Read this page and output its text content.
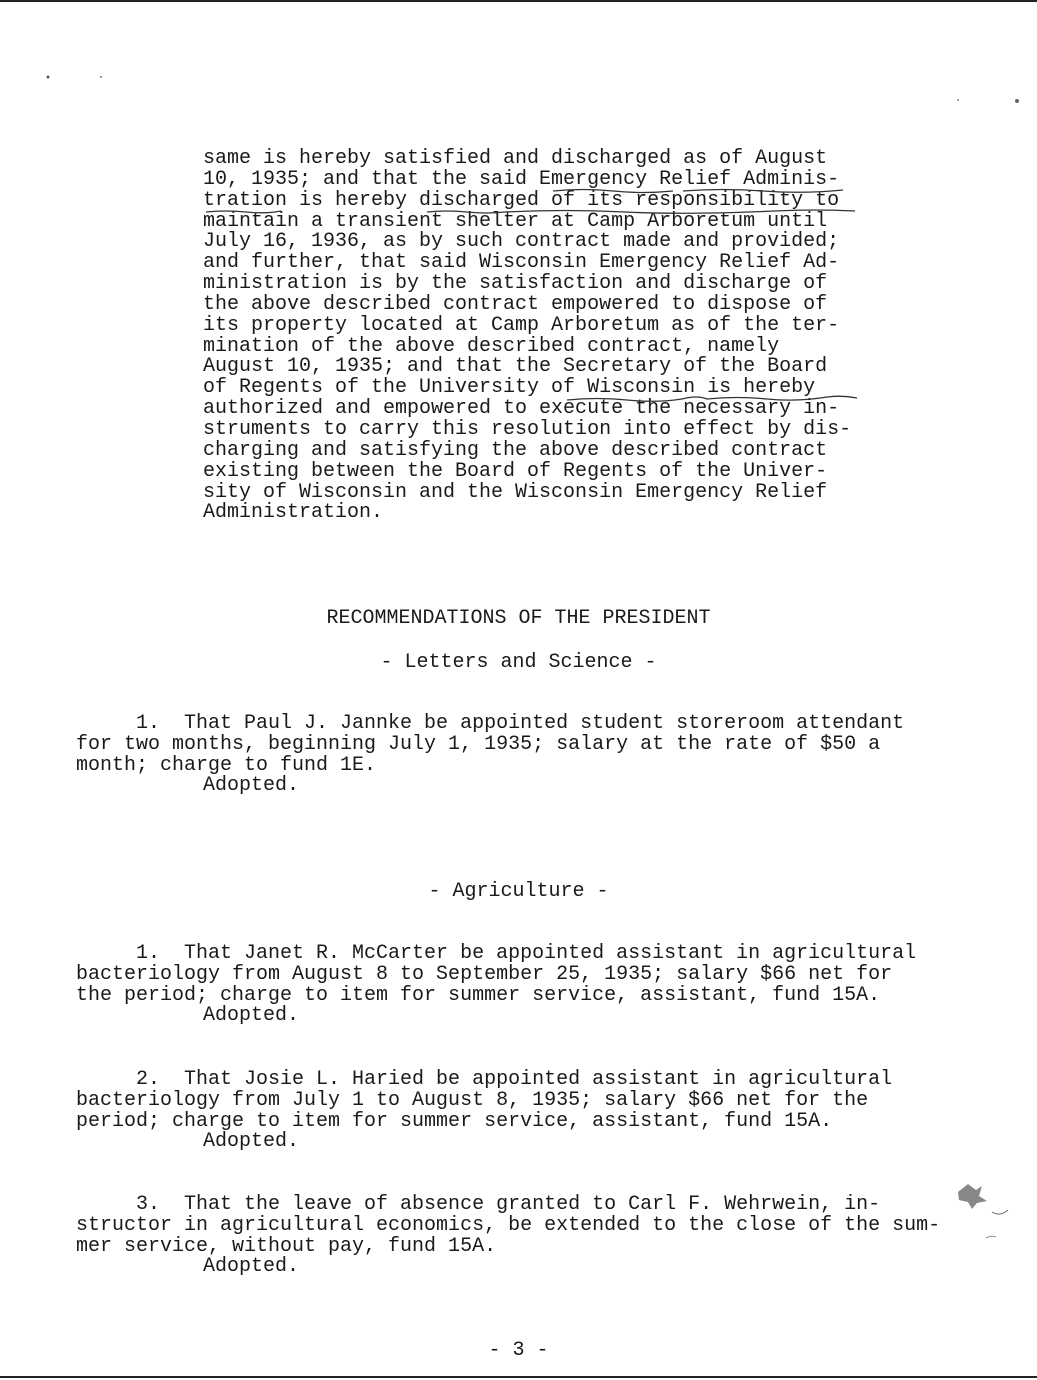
same is hereby satisfied and discharged as of August
10, 1935; and that the said Emergency Relief Adminis-
tration is hereby discharged of its responsibility to
maintain a transient shelter at Camp Arboretum until
July 16, 1936, as by such contract made and provided;
and further, that said Wisconsin Emergency Relief Ad-
ministration is by the satisfaction and discharge of
the above described contract empowered to dispose of
its property located at Camp Arboretum as of the ter-
mination of the above described contract, namely
August 10, 1935; and that the Secretary of the Board
of Regents of the University of Wisconsin is hereby
authorized and empowered to execute the necessary in-
struments to carry this resolution into effect by dis-
charging and satisfying the above described contract
existing between the Board of Regents of the Univer-
sity of Wisconsin and the Wisconsin Emergency Relief
Administration.
RECOMMENDATIONS OF THE PRESIDENT
- Letters and Science -
1.  That Paul J. Jannke be appointed student storeroom attendant
for two months, beginning July 1, 1935; salary at the rate of $50 a
month; charge to fund 1E.
Adopted.
- Agriculture -
1.  That Janet R. McCarter be appointed assistant in agricultural
bacteriology from August 8 to September 25, 1935; salary $66 net for
the period; charge to item for summer service, assistant, fund 15A.
Adopted.
2.  That Josie L. Haried be appointed assistant in agricultural
bacteriology from July 1 to August 8, 1935; salary $66 net for the
period; charge to item for summer service, assistant, fund 15A.
Adopted.
3.  That the leave of absence granted to Carl F. Wehrwein, in-
structor in agricultural economics, be extended to the close of the sum-
mer service, without pay, fund 15A.
Adopted.
- 3 -
